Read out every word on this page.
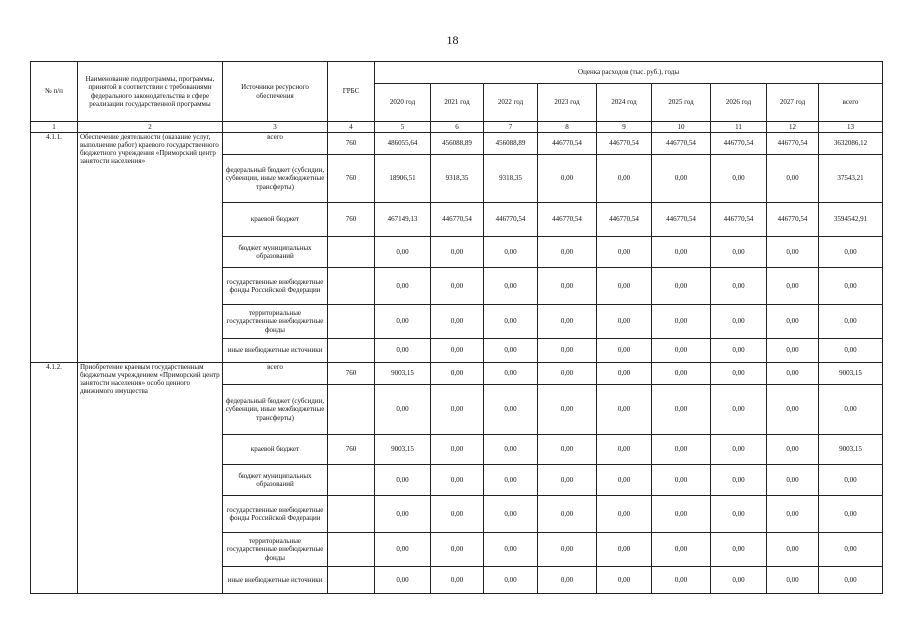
18
№ п/п	Наименование подпрограммы, программы, принятой в соответствии с требованиями федерального законодательства в сфере реализации государственной программы	Источники ресурсного обеспечения	ГРБС	Оценка расходов (тыс. руб.), годы								
				2020 год	2021 год	2022 год	2023 год	2024 год	2025 год	2026 год	2027 год	всего
1	2	3	4	5	6	7	8	9	10	11	12	13
4.1.1.	Обеспечение деятельности (оказание услуг, выполнение работ) краевого государственного бюджетного учреждения «Приморский центр занятости населения»	всего	760	486055,64	456088,89	456088,89	446770,54	446770,54	446770,54	446770,54	446770,54	3632086,12
		федеральный бюджет (субсидии, субвенции, иные межбюджетные трансферты)	760	18906,51	9318,35	9318,35	0,00	0,00	0,00	0,00	0,00	37543,21
		краевой бюджет	760	467149,13	446770,54	446770,54	446770,54	446770,54	446770,54	446770,54	446770,54	3594542,91
		бюджет муниципальных образований		0,00	0,00	0,00	0,00	0,00	0,00	0,00	0,00	0,00
		государственные внебюджетные фонды Российской Федерации		0,00	0,00	0,00	0,00	0,00	0,00	0,00	0,00	0,00
		территориальные государственные внебюджетные фонды		0,00	0,00	0,00	0,00	0,00	0,00	0,00	0,00	0,00
		иные внебюджетные источники		0,00	0,00	0,00	0,00	0,00	0,00	0,00	0,00	0,00
4.1.2.	Приобретение краевым государственным бюджетным учреждением «Приморский центр занятости населения» особо ценного движимого имущества	всего	760	9003,15	0,00	0,00	0,00	0,00	0,00	0,00	0,00	9003,15
		федеральный бюджет (субсидии, субвенции, иные межбюджетные трансферты)		0,00	0,00	0,00	0,00	0,00	0,00	0,00	0,00	0,00
		краевой бюджет	760	9003,15	0,00	0,00	0,00	0,00	0,00	0,00	0,00	9003,15
		бюджет муниципальных образований		0,00	0,00	0,00	0,00	0,00	0,00	0,00	0,00	0,00
		государственные внебюджетные фонды Российской Федерации		0,00	0,00	0,00	0,00	0,00	0,00	0,00	0,00	0,00
		территориальные государственные внебюджетные фонды		0,00	0,00	0,00	0,00	0,00	0,00	0,00	0,00	0,00
		иные внебюджетные источники		0,00	0,00	0,00	0,00	0,00	0,00	0,00	0,00	0,00
